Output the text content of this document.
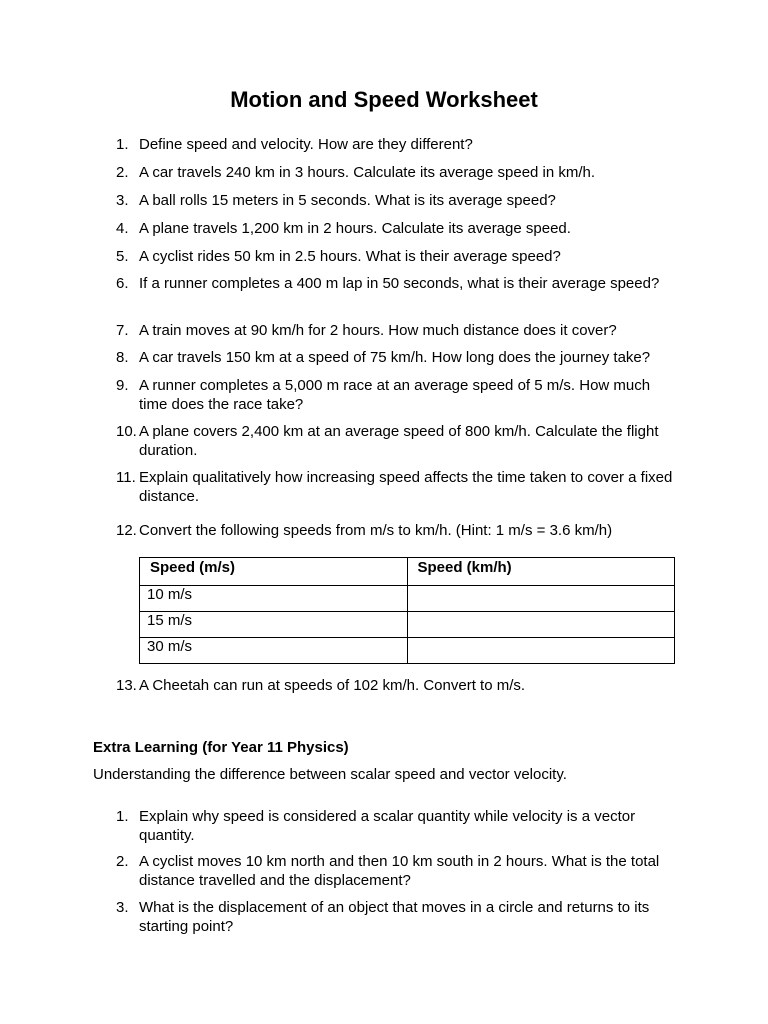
Motion and Speed Worksheet
1. Define speed and velocity. How are they different?
2. A car travels 240 km in 3 hours. Calculate its average speed in km/h.
3. A ball rolls 15 meters in 5 seconds. What is its average speed?
4. A plane travels 1,200 km in 2 hours. Calculate its average speed.
5. A cyclist rides 50 km in 2.5 hours. What is their average speed?
6. If a runner completes a 400 m lap in 50 seconds, what is their average speed?
7. A train moves at 90 km/h for 2 hours. How much distance does it cover?
8. A car travels 150 km at a speed of 75 km/h. How long does the journey take?
9. A runner completes a 5,000 m race at an average speed of 5 m/s. How much time does the race take?
10. A plane covers 2,400 km at an average speed of 800 km/h. Calculate the flight duration.
11. Explain qualitatively how increasing speed affects the time taken to cover a fixed distance.
12. Convert the following speeds from m/s to km/h. (Hint: 1 m/s = 3.6 km/h)
Speed (m/s)	Speed (km/h)
10 m/s	
15 m/s	
30 m/s	
13. A Cheetah can run at speeds of 102 km/h. Convert to m/s.
Extra Learning (for Year 11 Physics)
Understanding the difference between scalar speed and vector velocity.
1. Explain why speed is considered a scalar quantity while velocity is a vector quantity.
2. A cyclist moves 10 km north and then 10 km south in 2 hours. What is the total distance travelled and the displacement?
3. What is the displacement of an object that moves in a circle and returns to its starting point?
